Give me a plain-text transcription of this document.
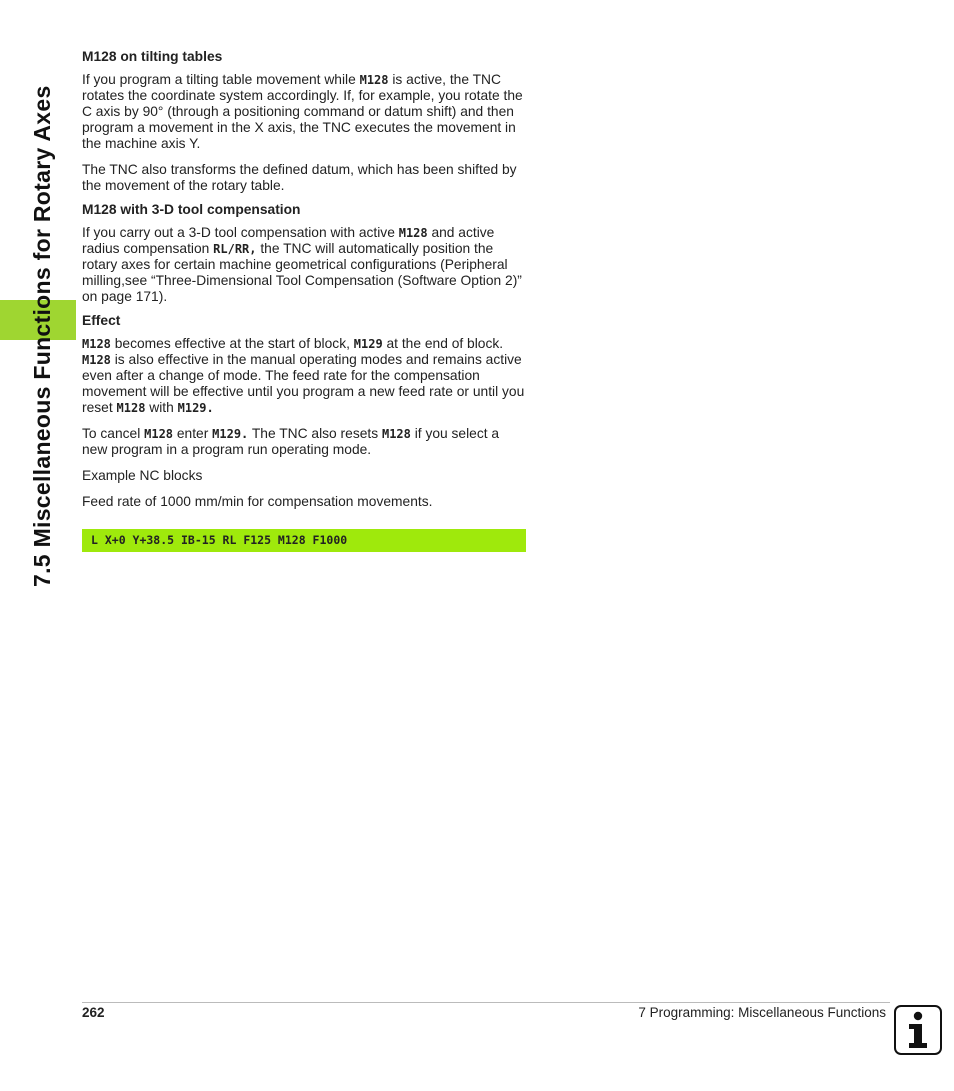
7.5 Miscellaneous Functions for Rotary Axes
M128 on tilting tables

If you program a tilting table movement while M128 is active, the TNC rotates the coordinate system accordingly. If, for example, you rotate the C axis by 90° (through a positioning command or datum shift) and then program a movement in the X axis, the TNC executes the movement in the machine axis Y.

The TNC also transforms the defined datum, which has been shifted by the movement of the rotary table.

M128 with 3-D tool compensation

If you carry out a 3-D tool compensation with active M128 and active radius compensation RL/RR, the TNC will automatically position the rotary axes for certain machine geometrical configurations (Peripheral milling,see “Three-Dimensional Tool Compensation (Software Option 2)” on page 171).

Effect

M128 becomes effective at the start of block, M129 at the end of block. M128 is also effective in the manual operating modes and remains active even after a change of mode. The feed rate for the compensation movement will be effective until you program a new feed rate or until you reset M128 with M129.

To cancel M128 enter M129. The TNC also resets M128 if you select a new program in a program run operating mode.

Example NC blocks

Feed rate of 1000 mm/min for compensation movements.

L X+0 Y+38.5 IB-15 RL F125 M128 F1000
262	7 Programming: Miscellaneous Functions
